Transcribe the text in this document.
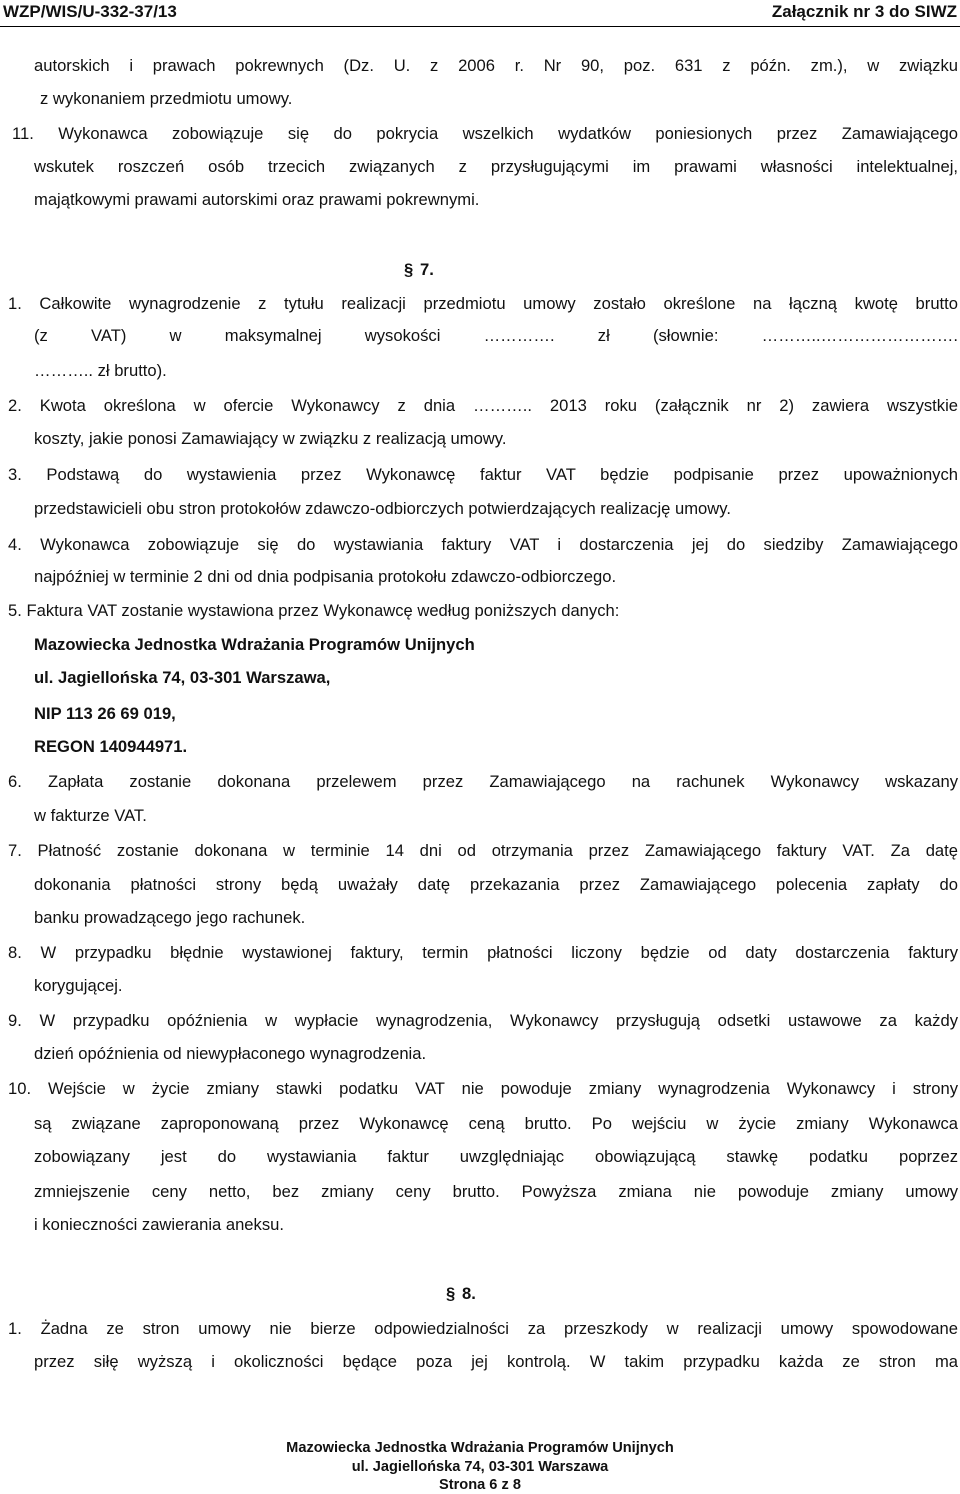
WZP/WIS/U-332-37/13	Załącznik nr 3 do SIWZ
autorskich i prawach pokrewnych (Dz. U. z 2006 r. Nr 90, poz. 631 z późn. zm.), w związku
z wykonaniem przedmiotu umowy.
11. Wykonawca zobowiązuje się do pokrycia wszelkich wydatków poniesionych przez Zamawiającego
wskutek roszczeń osób trzecich związanych z przysługującymi im prawami własności intelektualnej,
majątkowymi prawami autorskimi oraz prawami pokrewnymi.
§ 7.
1. Całkowite wynagrodzenie z tytułu realizacji przedmiotu umowy zostało określone na łączną kwotę brutto
(z VAT) w maksymalnej wysokości …………. zł (słownie: ………..…………………….
……….. zł brutto).
2. Kwota określona w ofercie Wykonawcy z dnia ……….. 2013 roku (załącznik nr 2) zawiera wszystkie
koszty, jakie ponosi Zamawiający w związku z realizacją umowy.
3. Podstawą do wystawienia przez Wykonawcę faktur VAT będzie podpisanie przez upoważnionych
przedstawicieli obu stron protokołów zdawczo-odbiorczych potwierdzających realizację umowy.
4. Wykonawca zobowiązuje się do wystawiania faktury VAT i dostarczenia jej do siedziby Zamawiającego
najpóźniej w terminie 2 dni od dnia podpisania protokołu zdawczo-odbiorczego.
5. Faktura VAT zostanie wystawiona przez Wykonawcę według poniższych danych:
Mazowiecka Jednostka Wdrażania Programów Unijnych
ul. Jagiellońska 74, 03-301 Warszawa,
NIP 113 26 69 019,
REGON 140944971.
6. Zapłata zostanie dokonana przelewem przez Zamawiającego na rachunek Wykonawcy wskazany
w fakturze VAT.
7. Płatność zostanie dokonana w terminie 14 dni od otrzymania przez Zamawiającego faktury VAT. Za datę
dokonania płatności strony będą uważały datę przekazania przez Zamawiającego polecenia zapłaty do
banku prowadzącego jego rachunek.
8. W przypadku błędnie wystawionej faktury, termin płatności liczony będzie od daty dostarczenia faktury
korygującej.
9. W przypadku opóźnienia w wypłacie wynagrodzenia, Wykonawcy przysługują odsetki ustawowe za każdy
dzień opóźnienia od niewypłaconego wynagrodzenia.
10. Wejście w życie zmiany stawki podatku VAT nie powoduje zmiany wynagrodzenia Wykonawcy i strony
są związane zaproponowaną przez Wykonawcę ceną brutto. Po wejściu w życie zmiany Wykonawca
zobowiązany jest do wystawiania faktur uwzględniając obowiązującą stawkę podatku poprzez
zmniejszenie ceny netto, bez zmiany ceny brutto. Powyższa zmiana nie powoduje zmiany umowy
i konieczności zawierania aneksu.
§ 8.
1. Żadna ze stron umowy nie bierze odpowiedzialności za przeszkody w realizacji umowy spowodowane
przez siłę wyższą i okoliczności będące poza jej kontrolą. W takim przypadku każda ze stron ma
Mazowiecka Jednostka Wdrażania Programów Unijnych
ul. Jagiellońska 74, 03-301 Warszawa
Strona 6 z 8
